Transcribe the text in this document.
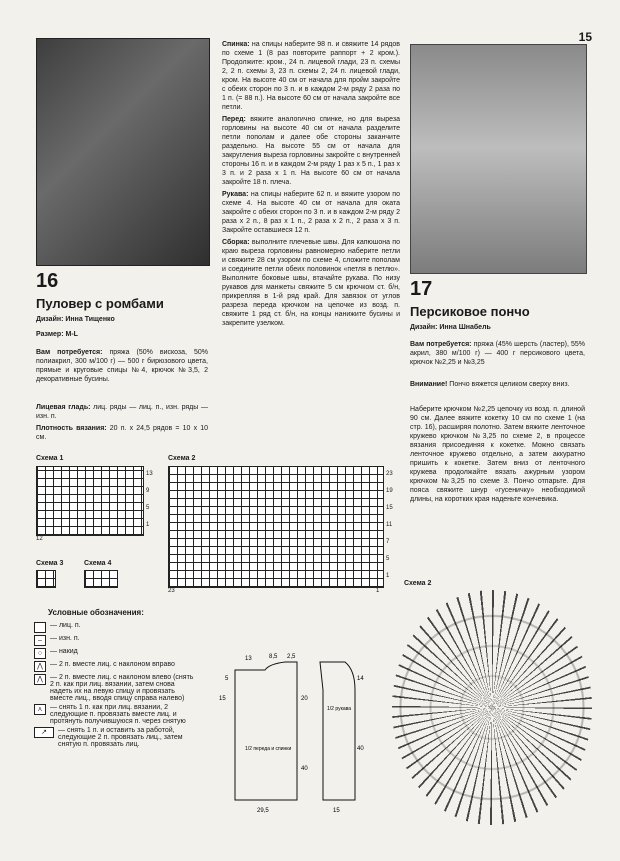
15
16
Пуловер с ромбами
Дизайн: Инна Тищенко
Размер: M-L
Вам потребуется: пряжа (50% вискоза, 50% полиакрил, 300 м/100 г) — 500 г бирюзового цвета, прямые и круговые спицы №4, крючок №3,5, 2 декоративные бусины.
Лицевая гладь: лиц. ряды — лиц. п., изн. ряды — изн. п.
Плотность вязания: 20 п. х 24,5 рядов = 10 х 10 см.

Спинка: на спицы наберите 98 п. и свяжите 14 рядов по схеме 1 (8 раз повторите раппорт + 2 кром.). Продолжите: кром., 24 п. лицевой глади, 23 п. схемы 2, 2 п. схемы 3, 23 п. схемы 2, 24 п. лицевой глади, кром. На высоте 40 см от начала для пройм закройте с обеих сторон по 3 п. и в каждом 2-м ряду 2 раза по 1 п. (= 88 п.). На высоте 60 см от начала закройте все петли.

Перед: вяжите аналогично спинке, но для выреза горловины на высоте 40 см от начала разделите петли пополам и далее обе стороны заканчите раздельно. На высоте 55 см от начала для закругления выреза горловины закройте с внутренней стороны 16 п. и в каждом 2-м ряду 1 раз х 5 п., 1 раз х 3 п. и 2 раза х 1 п. На высоте 60 см от начала закройте 18 п. плеча.

Рукава: на спицы наберите 62 п. и вяжите узором по схеме 4. На высоте 40 см от начала для оката закройте с обеих сторон по 3 п. и в каждом 2-м ряду 2 раза х 2 п., 8 раз х 1 п., 2 раза х 2 п., 2 раза х 3 п. Закройте оставшиеся 12 п.

Сборка: выполните плечевые швы. Для капюшона по краю выреза горловины равномерно наберите петли и свяжите 28 см узором по схеме 4, сложите пополам и соедините петли обеих половинок «петля в петлю». Выполните боковые швы, втачайте рукава. По низу рукавов для манжеты свяжите 5 см крючком ст. б/н, прикрепляя в 1-й ряд край. Для завязок от углов разреза переда крючком на цепочке из возд. п. свяжите 1 ряд ст. б/н, на концы нанижите бусины и закрепите узелком.

17
Персиковое пончо
Дизайн: Инна Шнабель
Вам потребуется: пряжа (45% шерсть (ластер), 55% акрил, 380 м/100 г) — 400 г персикового цвета, крючок №2,25 и №3,25
Внимание! Пончо вяжется целиком сверху вниз.
Наберите крючком №2,25 цепочку из возд. п. длиной 90 см. Далее вяжите кокетку 10 см по схеме 1 (на стр. 16), расширяя полотно. Затем вяжите ленточное кружево крючком №3,25 по схеме 2, в процессе вязания присоединяя к кокетке. Можно связать ленточное кружево отдельно, а затем аккуратно пришить к кокетке. Затем вниз от ленточного кружева продолжайте вязать ажурным узором крючком №3,25 по схеме 3. Пончо отпарьте. Для пояса свяжите шнур «гусеничку» необходимой длины, на коротких края наденьте кончевика.
Схема 1
13
9
5
1
12
Схема 2
23
19
15
11
7
5
1
23	1
Схема 3	Схема 4
Условные обозначения:
— лиц. п.
–	— изн. п.
○	— накид
⋀	— 2 п. вместе лиц. с наклоном вправо
⋀	— 2 п. вместе лиц. с наклоном влево (снять 2 п. как при лиц. вязании, затем снова надеть их на левую спицу и провязать вместе лиц., вводя спицу справа налево)
⋏	— снять 1 п. как при лиц. вязании, 2 следующие п. провязать вместе лиц. и протянуть получившуюся п. через снятую
↗	— снять 1 п. и оставить за работой, следующие 2 п. провязать лиц., затем снятую п. провязать лиц.
13	8,5 2,5
5
15	20
40
29,5
1/2 переда и спинки
1/2 рукава
14
40
15
Схема 2
